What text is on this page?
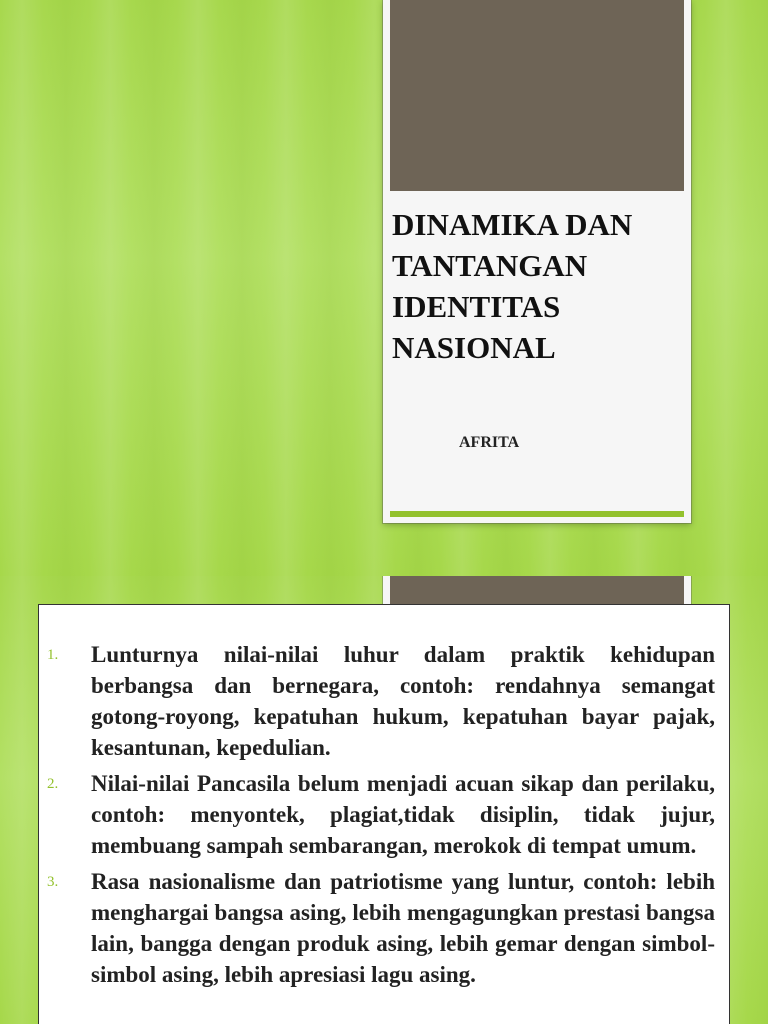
DINAMIKA DAN
TANTANGAN
IDENTITAS
NASIONAL
AFRITA
1. Lunturnya nilai-nilai luhur dalam praktik kehidupan berbangsa dan bernegara, contoh: rendahnya semangat gotong-royong, kepatuhan hukum, kepatuhan bayar pajak, kesantunan, kepedulian.
2. Nilai-nilai Pancasila belum menjadi acuan sikap dan perilaku, contoh: menyontek, plagiat,tidak disiplin, tidak jujur, membuang sampah sembarangan, merokok di tempat umum.
3. Rasa nasionalisme dan patriotisme yang luntur, contoh: lebih menghargai bangsa asing, lebih mengagungkan prestasi bangsa lain, bangga dengan produk asing, lebih gemar dengan simbol-simbol asing, lebih apresiasi lagu asing.
